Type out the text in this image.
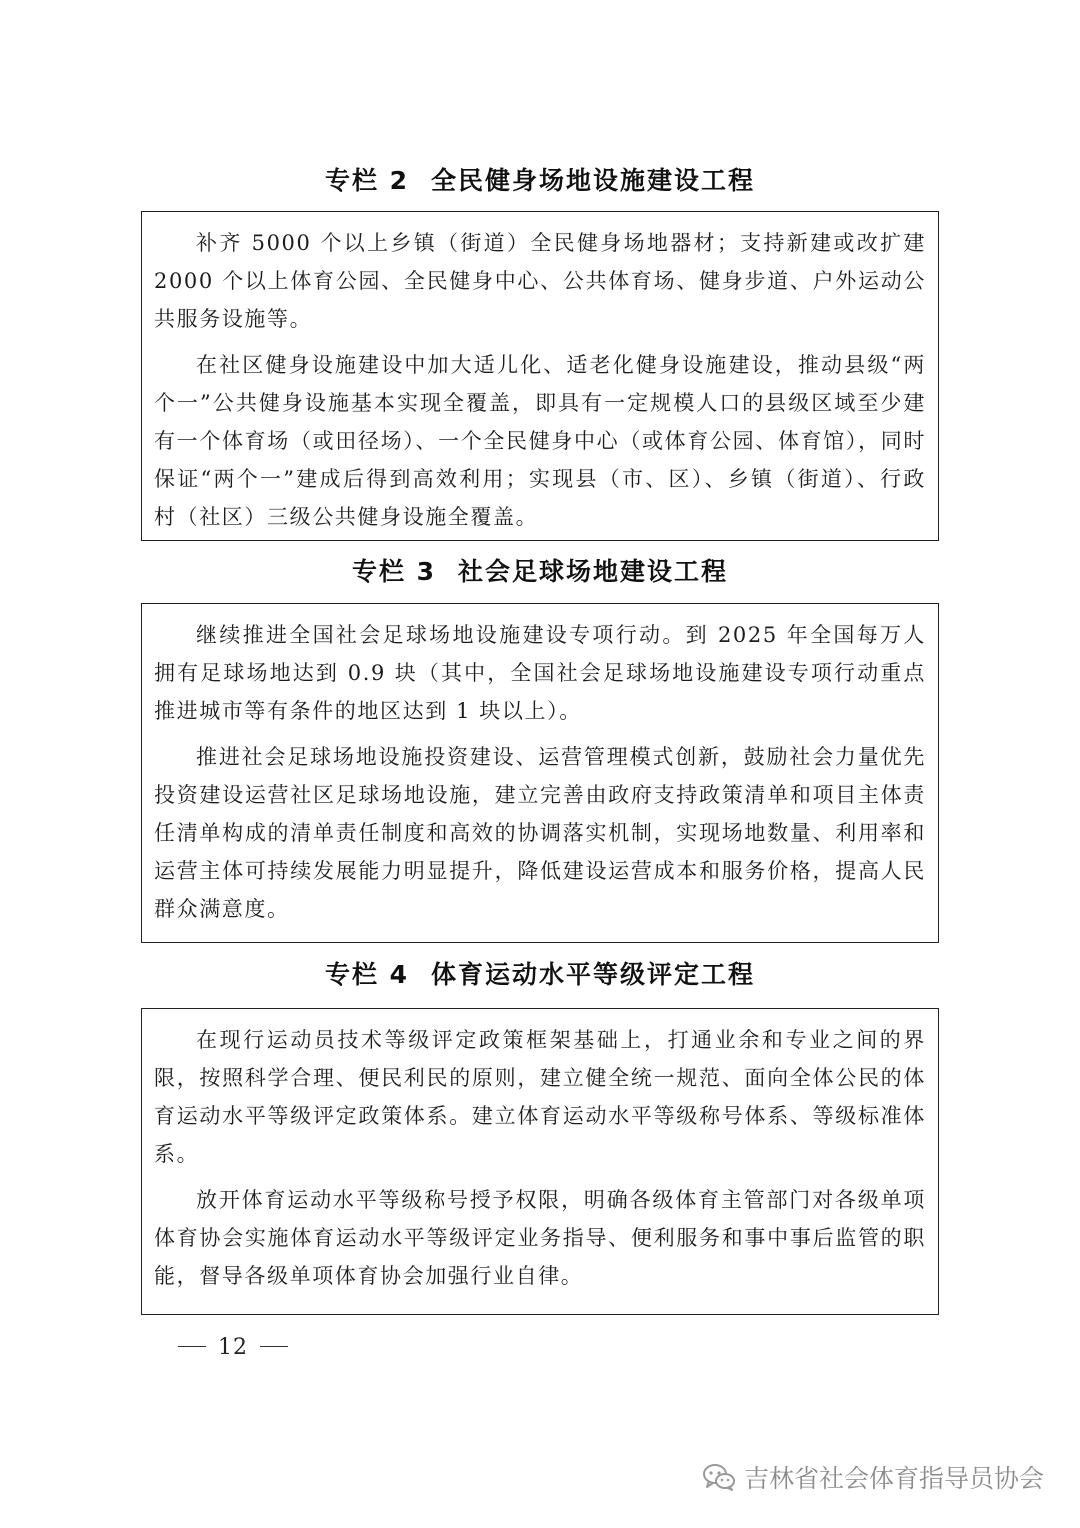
专栏 2 全民健身场地设施建设工程

补齐 5000 个以上乡镇（街道）全民健身场地器材；支持新建或改扩建 2000 个以上体育公园、全民健身中心、公共体育场、健身步道、户外运动公共服务设施等。

在社区健身设施建设中加大适儿化、适老化健身设施建设，推动县级“两个一”公共健身设施基本实现全覆盖，即具有一定规模人口的县级区域至少建有一个体育场（或田径场）、一个全民健身中心（或体育公园、体育馆），同时保证“两个一”建成后得到高效利用；实现县（市、区）、乡镇（街道）、行政村（社区）三级公共健身设施全覆盖。

专栏 3 社会足球场地建设工程

继续推进全国社会足球场地设施建设专项行动。到 2025 年全国每万人拥有足球场地达到 0.9 块（其中，全国社会足球场地设施建设专项行动重点推进城市等有条件的地区达到 1 块以上）。

推进社会足球场地设施投资建设、运营管理模式创新，鼓励社会力量优先投资建设运营社区足球场地设施，建立完善由政府支持政策清单和项目主体责任清单构成的清单责任制度和高效的协调落实机制，实现场地数量、利用率和运营主体可持续发展能力明显提升，降低建设运营成本和服务价格，提高人民群众满意度。

专栏 4 体育运动水平等级评定工程

在现行运动员技术等级评定政策框架基础上，打通业余和专业之间的界限，按照科学合理、便民利民的原则，建立健全统一规范、面向全体公民的体育运动水平等级评定政策体系。建立体育运动水平等级称号体系、等级标准体系。

放开体育运动水平等级称号授予权限，明确各级体育主管部门对各级单项体育协会实施体育运动水平等级评定业务指导、便利服务和事中事后监管的职能，督导各级单项体育协会加强行业自律。

12
吉林省社会体育指导员协会
